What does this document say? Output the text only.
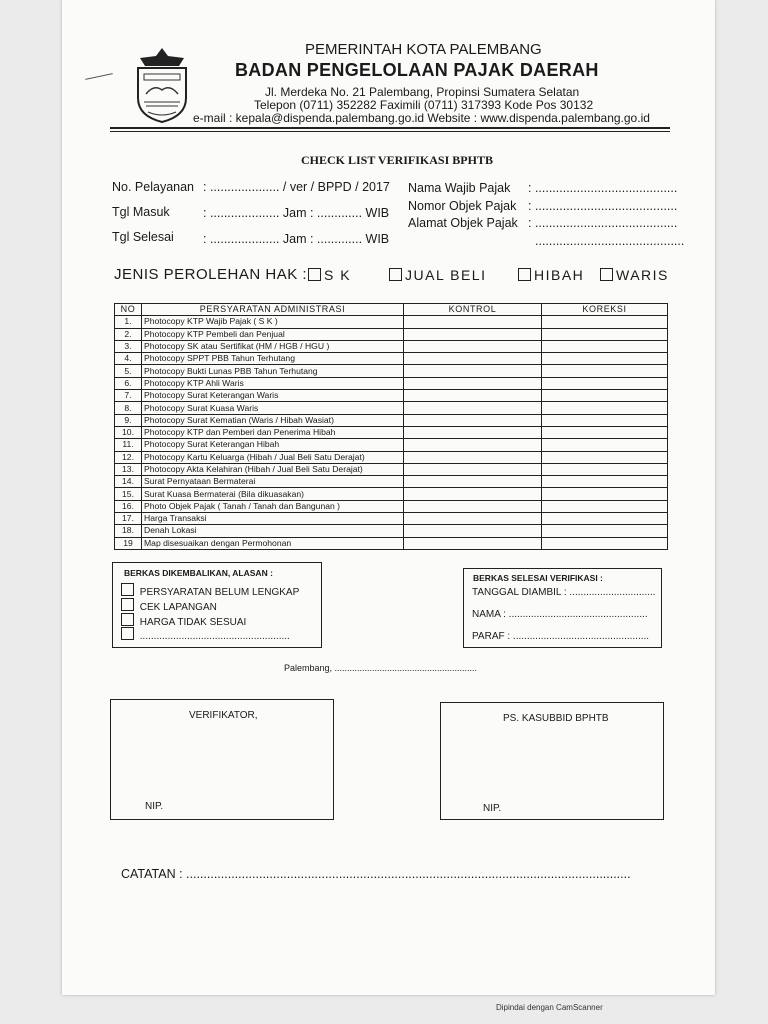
PEMERINTAH KOTA PALEMBANG
BADAN PENGELOLAAN PAJAK DAERAH
Jl. Merdeka No. 21 Palembang, Propinsi Sumatera Selatan
Telepon (0711) 352282 Faximili (0711) 317393 Kode Pos 30132
e-mail : kepala@dispenda.palembang.go.id Website : www.dispenda.palembang.go.id
CHECK LIST VERIFIKASI BPHTB
No. Pelayanan : .................... / ver / BPPD / 2017
Tgl Masuk	: .................... Jam : ............. WIB
Tgl Selesai : .................... Jam : ............. WIB
Nama Wajib Pajak : .........................................
Nomor Objek Pajak : .........................................
Alamat Objek Pajak : .........................................
...........................................
JENIS PEROLEHAN HAK :	S K	JUAL BELI	HIBAH	WARIS
NO	PERSYARATAN ADMINISTRASI	KONTROL	KOREKSI
1.	Photocopy KTP Wajib Pajak ( S K )		
2.	Photocopy KTP Pembeli dan Penjual		
3.	Photocopy SK atau Sertifikat (HM / HGB / HGU )		
4.	Photocopy SPPT PBB Tahun Terhutang		
5.	Photocopy Bukti Lunas PBB Tahun Terhutang		
6.	Photocopy KTP Ahli Waris		
7.	Photocopy Surat Keterangan Waris		
8.	Photocopy Surat Kuasa Waris		
9.	Photocopy Surat Kematian (Waris / Hibah Wasiat)		
10.	Photocopy KTP dan Pemberi dan Penerima Hibah		
11.	Photocopy Surat Keterangan Hibah		
12.	Photocopy Kartu Keluarga (Hibah / Jual Beli Satu Derajat)		
13.	Photocopy Akta Kelahiran (Hibah / Jual Beli Satu Derajat)		
14.	Surat Pernyataan Bermaterai		
15.	Surat Kuasa Bermaterai (Bila dikuasakan)		
16.	Photo Objek Pajak ( Tanah / Tanah dan Bangunan )		
17.	Harga Transaksi		
18.	Denah Lokasi		
19	Map disesuaikan dengan Permohonan		
BERKAS DIKEMBALIKAN, ALASAN :
PERSYARATAN BELUM LENGKAP
CEK LAPANGAN
HARGA TIDAK SESUAI
......................................................
BERKAS SELESAI VERIFIKASI :
TANGGAL DIAMBIL : ...............................
NAMA : ..................................................
PARAF : .................................................
Palembang, .........................................................
VERIFIKATOR,
NIP.
PS. KASUBBID BPHTB
NIP.
CATATAN : ................................................................................................................................
Dipindai dengan CamScanner
